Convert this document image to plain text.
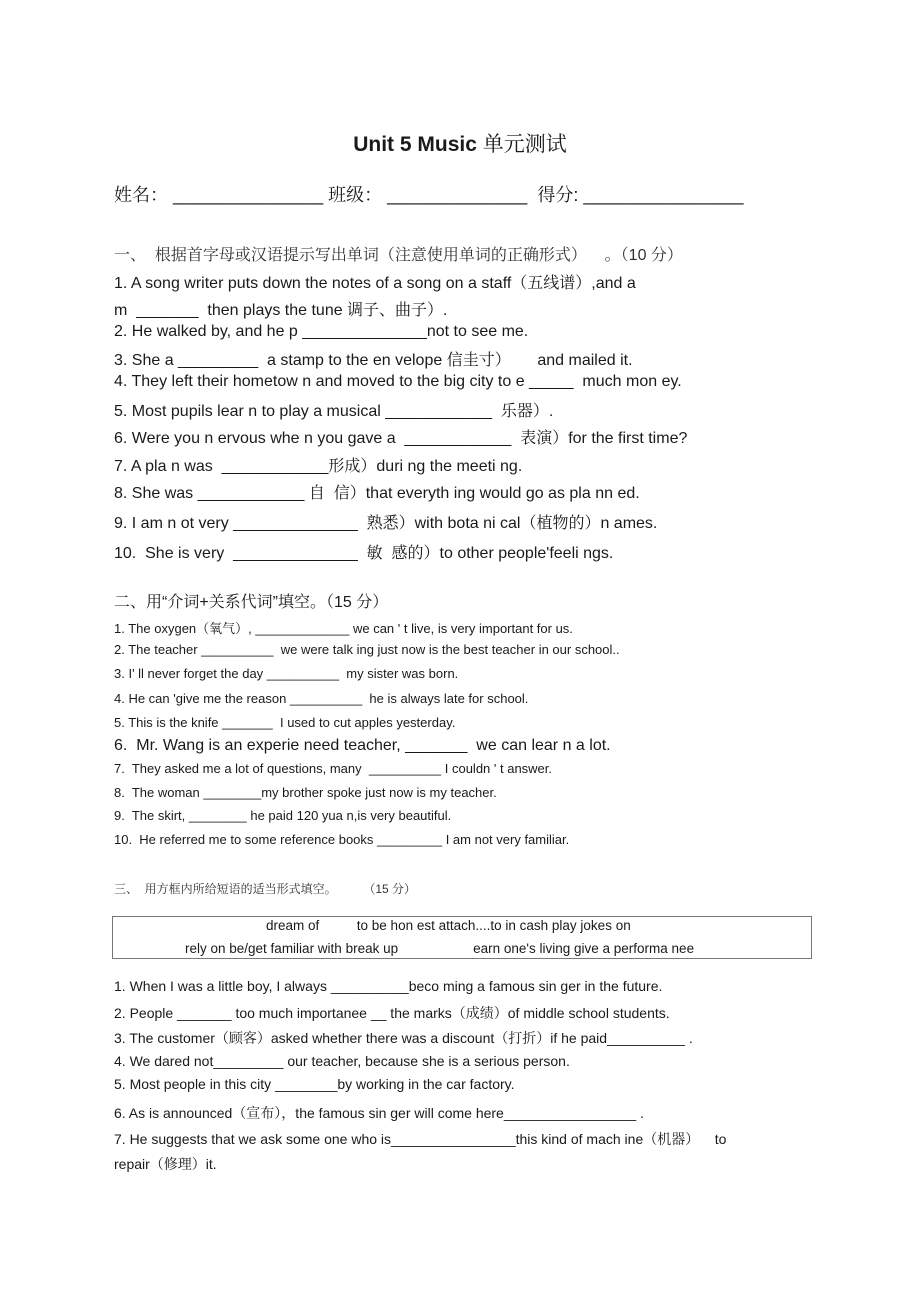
Unit 5 Music 单元测试
姓名： _______________ 班级： ______________  得分: ________________
一、  根据首字母或汉语提示写出单词（注意使用单词的正确形式）    。（10 分）
1. A song writer puts down the notes of a song on a staff（五线谱）,and a
m  _______  then plays the tune 调子、曲子）.
2. He walked by, and he p ______________not to see me.
3. She a _________  a stamp to the en velope 信圭寸）      and mailed it.
4. They left their hometow n and moved to the big city to e _____  much mon ey.
5. Most pupils lear n to play a musical ____________  乐器）.
6. Were you n ervous whe n you gave a  ____________  表演）for the first time?
7. A pla n was  ____________形成）duri ng the meeti ng.
8. She was ____________ 自  信）that everyth ing would go as pla nn ed.
9. I am n ot very ______________  熟悉）with bota ni cal（植物的）n ames.
10.  She is very  ______________  敏  感的）to other people'feeli ngs.
二、用“介词+关系代词”填空。（15 分）
1. The oxygen（氧气）, _____________ we can ' t live, is very important for us.
2. The teacher __________  we were talk ing just now is the best teacher in our school..
3. I' ll never forget the day __________  my sister was born.
4. He can 'give me the reason __________  he is always late for school.
5. This is the knife _______  I used to cut apples yesterday.
6.  Mr. Wang is an experie need teacher, _______  we can lear n a lot.
7.  They asked me a lot of questions, many  __________ I couldn ' t answer.
8.  The woman ________my brother spoke just now is my teacher.
9.  The skirt, ________ he paid 120 yua n,is very beautiful.
10.  He referred me to some reference books _________ I am not very familiar.
三、  用方框内所给短语的适当形式填空。        （15 分）
dream of          to be hon est attach....to in cash play jokes on
rely on be/get familiar with break up                    earn one's living give a performa nee
1. When I was a little boy, I always __________beco ming a famous sin ger in the future.
2. People _______ too much importanee __ the marks（成绩）of middle school students.
3. The customer（顾客）asked whether there was a discount（打折）if he paid__________ .
4. We dared not_________ our teacher, because she is a serious person.
5. Most people in this city ________by working in the car factory.
6. As is announced（宣布），the famous sin ger will come here_________________ .
7. He suggests that we ask some one who is________________this kind of mach ine（机器）    to
repair（修理）it.
